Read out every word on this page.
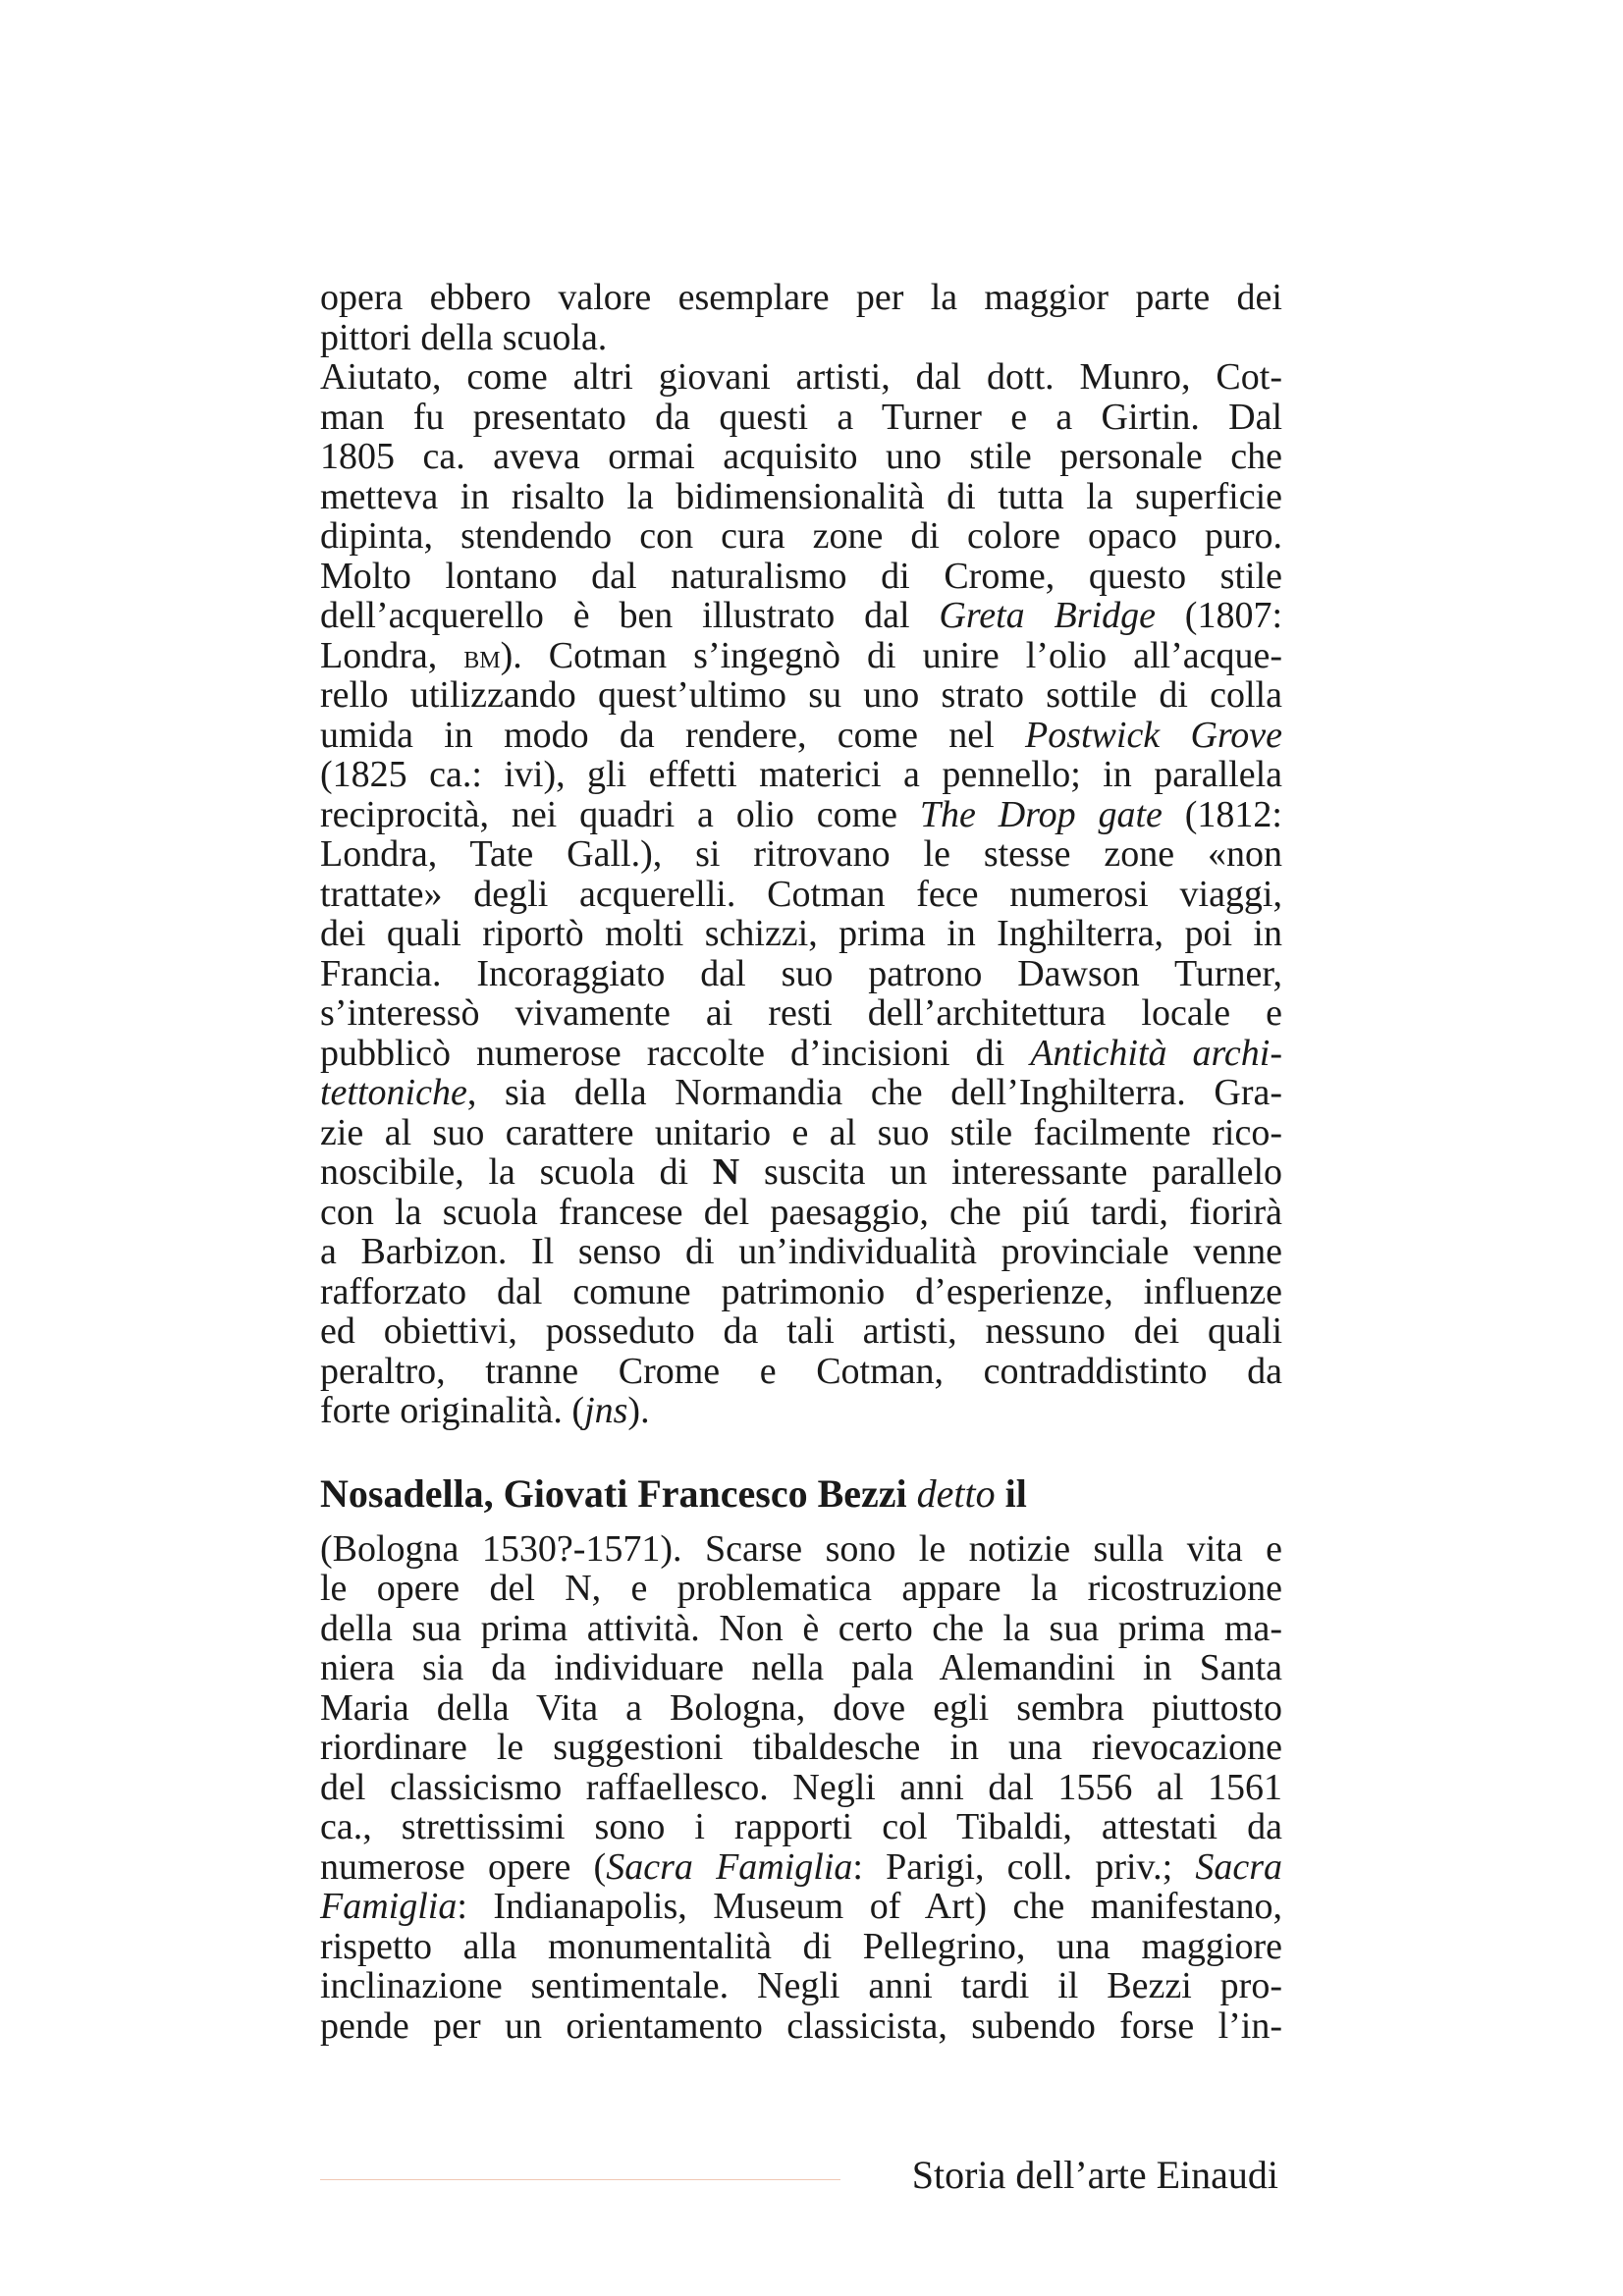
opera ebbero valore esemplare per la maggior parte dei
pittori della scuola.
Aiutato, come altri giovani artisti, dal dott. Munro, Cot-
man fu presentato da questi a Turner e a Girtin. Dal
1805 ca. aveva ormai acquisito uno stile personale che
metteva in risalto la bidimensionalità di tutta la superficie
dipinta, stendendo con cura zone di colore opaco puro.
Molto lontano dal naturalismo di Crome, questo stile
dell’acquerello è ben illustrato dal Greta Bridge (1807:
Londra, bm). Cotman s’ingegnò di unire l’olio all’acque-
rello utilizzando quest’ultimo su uno strato sottile di colla
umida in modo da rendere, come nel Postwick Grove
(1825 ca.: ivi), gli effetti materici a pennello; in parallela
reciprocità, nei quadri a olio come The Drop gate (1812:
Londra, Tate Gall.), si ritrovano le stesse zone «non
trattate» degli acquerelli. Cotman fece numerosi viaggi,
dei quali riportò molti schizzi, prima in Inghilterra, poi in
Francia. Incoraggiato dal suo patrono Dawson Turner,
s’interessò vivamente ai resti dell’architettura locale e
pubblicò numerose raccolte d’incisioni di Antichità archi-
tettoniche, sia della Normandia che dell’Inghilterra. Gra-
zie al suo carattere unitario e al suo stile facilmente rico-
noscibile, la scuola di N suscita un interessante parallelo
con la scuola francese del paesaggio, che piú tardi, fiorirà
a Barbizon. Il senso di un’individualità provinciale venne
rafforzato dal comune patrimonio d’esperienze, influenze
ed obiettivi, posseduto da tali artisti, nessuno dei quali
peraltro, tranne Crome e Cotman, contraddistinto da
forte originalità. (jns).
Nosadella, Giovati Francesco Bezzi detto il
(Bologna 1530?-1571). Scarse sono le notizie sulla vita e
le opere del N, e problematica appare la ricostruzione
della sua prima attività. Non è certo che la sua prima ma-
niera sia da individuare nella pala Alemandini in Santa
Maria della Vita a Bologna, dove egli sembra piuttosto
riordinare le suggestioni tibaldesche in una rievocazione
del classicismo raffaellesco. Negli anni dal 1556 al 1561
ca., strettissimi sono i rapporti col Tibaldi, attestati da
numerose opere (Sacra Famiglia: Parigi, coll. priv.; Sacra
Famiglia: Indianapolis, Museum of Art) che manifestano,
rispetto alla monumentalità di Pellegrino, una maggiore
inclinazione sentimentale. Negli anni tardi il Bezzi pro-
pende per un orientamento classicista, subendo forse l’in-
Storia dell’arte Einaudi
